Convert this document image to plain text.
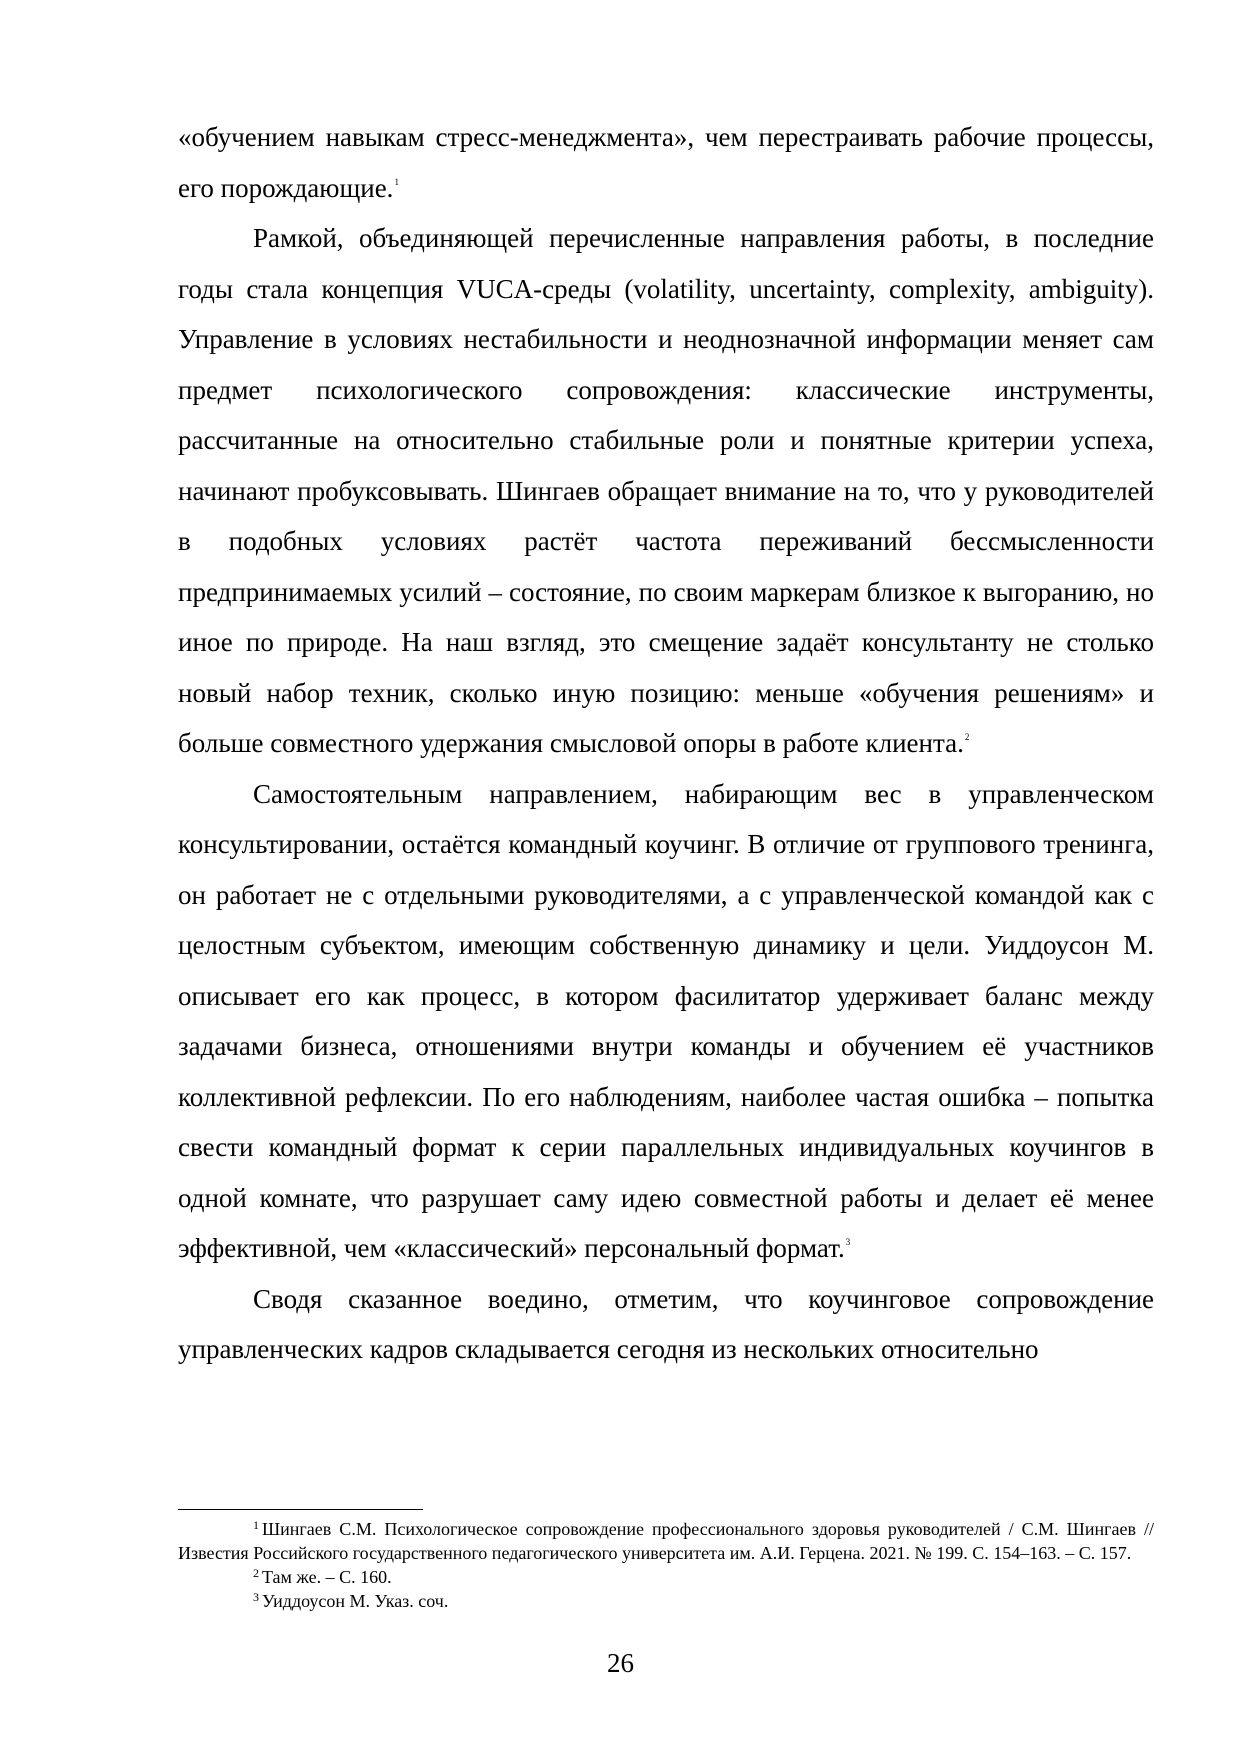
«обучением навыкам стресс-менеджмента», чем перестраивать рабочие процессы, его порождающие.$^1$

Рамкой, объединяющей перечисленные направления работы, в последние годы стала концепция VUCA-среды (volatility, uncertainty, complexity, ambiguity). Управление в условиях нестабильности и неоднозначной информации меняет сам предмет психологического сопровождения: классические инструменты, рассчитанные на относительно стабильные роли и понятные критерии успеха, начинают пробуксовывать. Шингаев обращает внимание на то, что у руководителей в подобных условиях растёт частота переживаний бессмысленности предпринимаемых усилий – состояние, по своим маркерам близкое к выгоранию, но иное по природе. На наш взгляд, это смещение задаёт консультанту не столько новый набор техник, сколько иную позицию: меньше «обучения решениям» и больше совместного удержания смысловой опоры в работе клиента.$^2$

Самостоятельным направлением, набирающим вес в управленческом консультировании, остаётся командный коучинг. В отличие от группового тренинга, он работает не с отдельными руководителями, а с управленческой командой как с целостным субъектом, имеющим собственную динамику и цели. Уиддоусон М. описывает его как процесс, в котором фасилитатор удерживает баланс между задачами бизнеса, отношениями внутри команды и обучением её участников коллективной рефлексии. По его наблюдениям, наиболее частая ошибка – попытка свести командный формат к серии параллельных индивидуальных коучингов в одной комнате, что разрушает саму идею совместной работы и делает её менее эффективной, чем «классический» персональный формат.$^3$

Сводя сказанное воедино, отметим, что коучинговое сопровождение управленческих кадров складывается сегодня из нескольких относительно

$^1$ Шингаев С.М. Психологическое сопровождение профессионального здоровья руководителей / С.М. Шингаев // Известия Российского государственного педагогического университета им. А.И. Герцена. 2021. № 199. С. 154–163. – С. 157.

$^2$ Там же. – С. 160.

$^3$ Уиддоусон М. Указ. соч.

26
